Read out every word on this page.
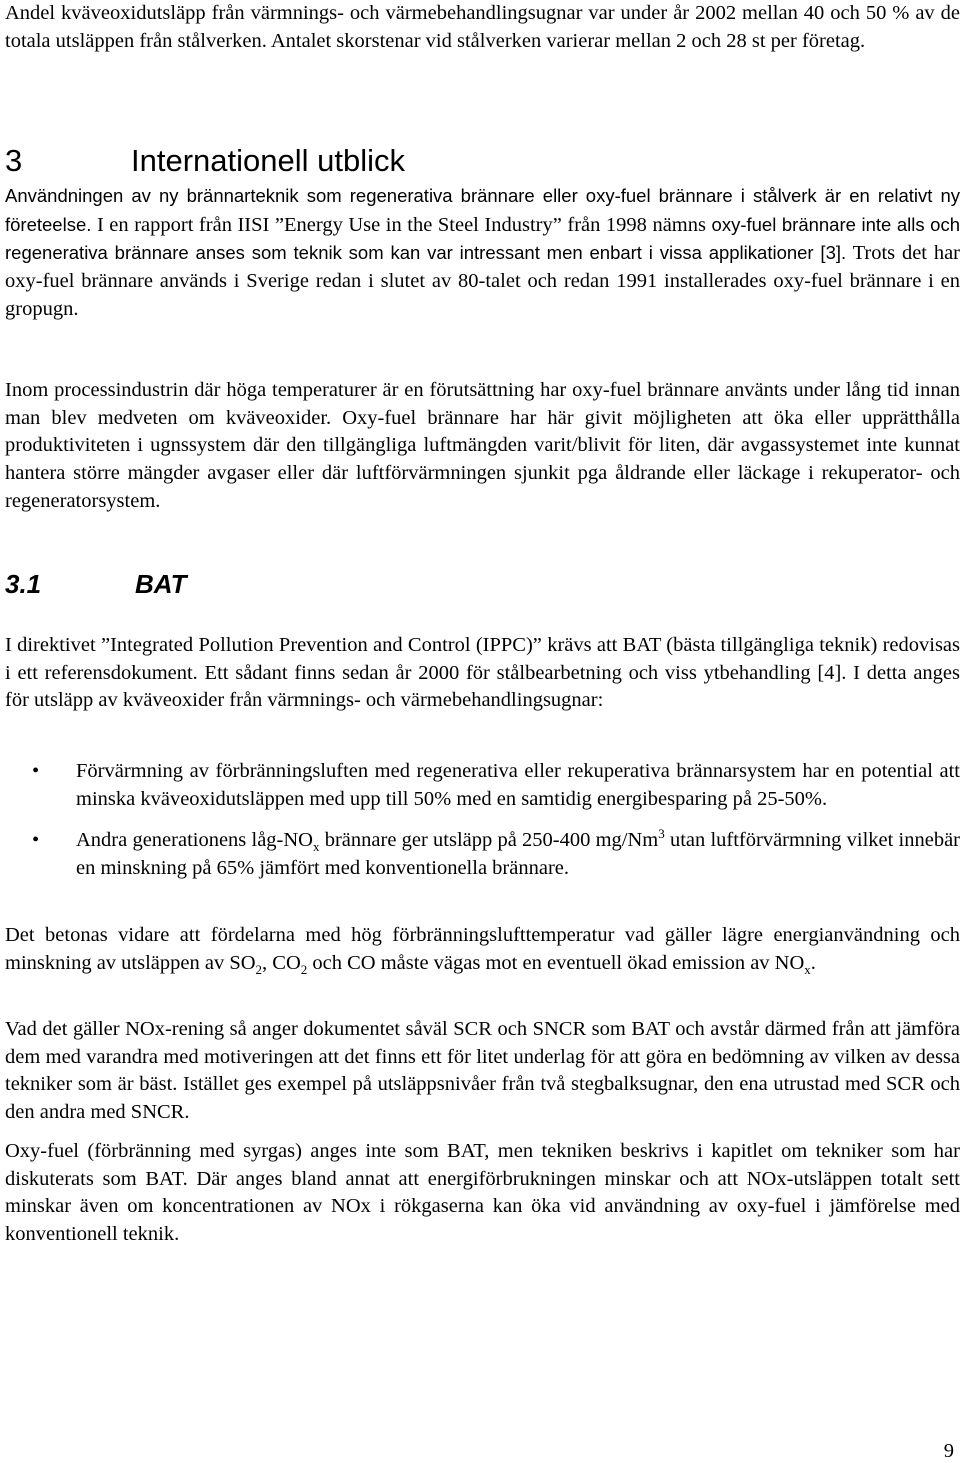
Andel kväveoxidutsläpp från värmnings- och värmebehandlingsugnar var under år 2002 mellan 40 och 50 % av de totala utsläppen från stålverken. Antalet skorstenar vid stålverken varierar mellan 2 och 28 st per företag.

3	Internationell utblick

Användningen av ny brännarteknik som regenerativa brännare eller oxy-fuel brännare i stålverk är en relativt ny företeelse. I en rapport från IISI ”Energy Use in the Steel Industry” från 1998 nämns oxy-fuel brännare inte alls och regenerativa brännare anses som teknik som kan var intressant men enbart i vissa applikationer [3]. Trots det har oxy-fuel brännare används i Sverige redan i slutet av 80-talet och redan 1991 installerades oxy-fuel brännare i en gropugn.

Inom processindustrin där höga temperaturer är en förutsättning har oxy-fuel brännare använts under lång tid innan man blev medveten om kväveoxider. Oxy-fuel brännare har här givit möjligheten att öka eller upprätthålla produktiviteten i ugnssystem där den tillgängliga luftmängden varit/blivit för liten, där avgassystemet inte kunnat hantera större mängder avgaser eller där luftförvärmningen sjunkit pga åldrande eller läckage i rekuperator- och regeneratorsystem.

3.1	BAT

I direktivet ”Integrated Pollution Prevention and Control (IPPC)” krävs att BAT (bästa tillgängliga teknik) redovisas i ett referensdokument. Ett sådant finns sedan år 2000 för stålbearbetning och viss ytbehandling [4]. I detta anges för utsläpp av kväveoxider från värmnings- och värmebehandlingsugnar:

• Förvärmning av förbränningsluften med regenerativa eller rekuperativa brännarsystem har en potential att minska kväveoxidutsläppen med upp till 50% med en samtidig energibesparing på 25-50%.

• Andra generationens låg-$NO_x$ brännare ger utsläpp på 250-400 mg/Nm$^3$ utan luftförvärmning vilket innebär en minskning på 65% jämfört med konventionella brännare.

Det betonas vidare att fördelarna med hög förbränningslufttemperatur vad gäller lägre energianvändning och minskning av utsläppen av $SO_2$, $CO_2$ och CO måste vägas mot en eventuell ökad emission av $NO_x$.

Vad det gäller NOx-rening så anger dokumentet såväl SCR och SNCR som BAT och avstår därmed från att jämföra dem med varandra med motiveringen att det finns ett för litet underlag för att göra en bedömning av vilken av dessa tekniker som är bäst. Istället ges exempel på utsläppsnivåer från två stegbalksugnar, den ena utrustad med SCR och den andra med SNCR.

Oxy-fuel (förbränning med syrgas) anges inte som BAT, men tekniken beskrivs i kapitlet om tekniker som har diskuterats som BAT. Där anges bland annat att energiförbrukningen minskar och att NOx-utsläppen totalt sett minskar även om koncentrationen av NOx i rökgaserna kan öka vid användning av oxy-fuel i jämförelse med konventionell teknik.

9
